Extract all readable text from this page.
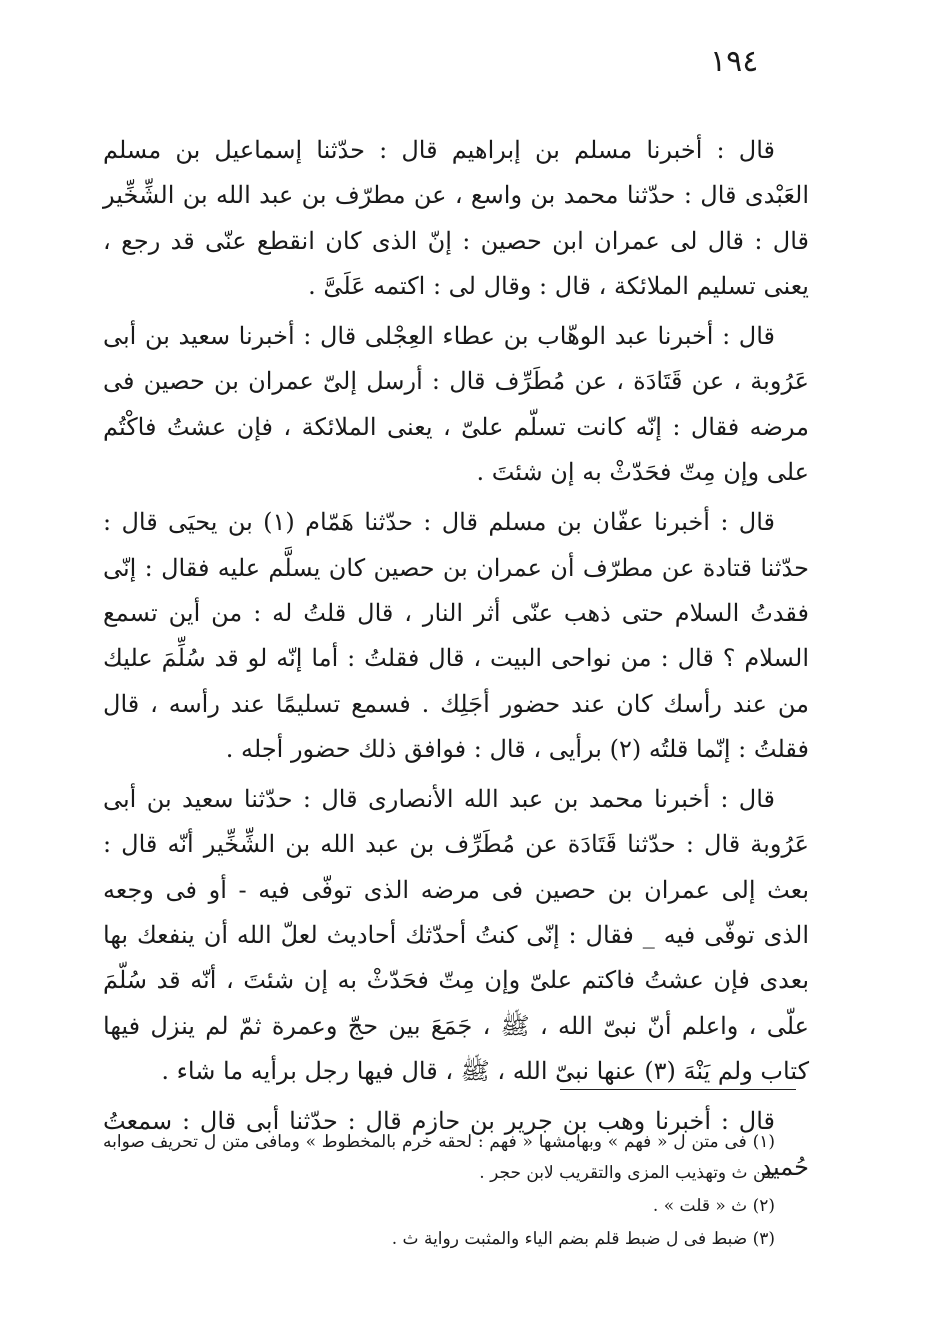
١٩٤

قال : أخبرنا مسلم بن إبراهيم قال : حدّثنا إسماعيل بن مسلم العَبْدى قال : حدّثنا محمد بن واسع ، عن مطرّف بن عبد الله بن الشِّخِّير قال : قال لى عمران ابن حصين : إنّ الذى كان انقطع عنّى قد رجع ، يعنى تسليم الملائكة ، قال : وقال لى : اكتمه عَلَىَّ .

قال : أخبرنا عبد الوهّاب بن عطاء العِجْلى قال : أخبرنا سعيد بن أبى عَرُوبة ، عن قَتَادَة ، عن مُطَرِّف قال : أرسل إلىّ عمران بن حصين فى مرضه فقال : إنّه كانت تسلّم علىّ ، يعنى الملائكة ، فإن عشتُ فاكْتُم على وإن مِتّ فحَدّثْ به إن شئتَ .

قال : أخبرنا عفّان بن مسلم قال : حدّثنا هَمّام (١) بن يحيَى قال : حدّثنا قتادة عن مطرّف أن عمران بن حصين كان يسلَّم عليه فقال : إنّى فقدتُ السلام حتى ذهب عنّى أثر النار ، قال قلتُ له : من أين تسمع السلام ؟ قال : من نواحى البيت ، قال فقلتُ : أما إنّه لو قد سُلِّمَ عليك من عند رأسك كان عند حضور أجَلِك . فسمع تسليمًا عند رأسه ، قال فقلتُ : إنّما قلتُه (٢) برأيى ، قال : فوافق ذلك حضور أجله .

قال : أخبرنا محمد بن عبد الله الأنصارى قال : حدّثنا سعيد بن أبى عَرُوبة قال : حدّثنا قَتَادَة عن مُطَرِّف بن عبد الله بن الشِّخِّير أنّه قال : بعث إلى عمران بن حصين فى مرضه الذى توفّى فيه - أو فى وجعه الذى توفّى فيه _ فقال : إنّى كنتُ أحدّثك أحاديث لعلّ الله أن ينفعك بها بعدى فإن عشتُ فاكتم علىّ وإن مِتّ فحَدّثْ به إن شئتَ ، أنّه قد سُلّمَ علّى ، واعلم أنّ نبىّ الله ، ﷺ ، جَمَعَ بين حجّ وعمرة ثمّ لم ينزل فيها كتاب ولم يَنْهَ (٣) عنها نبىّ الله ، ﷺ ، قال فيها رجل برأيه ما شاء .

قال : أخبرنا وهب بن جرير بن حازم قال : حدّثنا أبى قال : سمعتُ حُميد

(١) فى متن ل « فهم » وبهامشها « فهم : لحقه خرم بالمخطوط » ومافى متن ل تحريف صوابه من ث وتهذيب المزى والتقريب لابن حجر .

(٢) ث « قلت » .

(٣) ضبط فى ل ضبط قلم بضم الياء والمثبت رواية ث .
